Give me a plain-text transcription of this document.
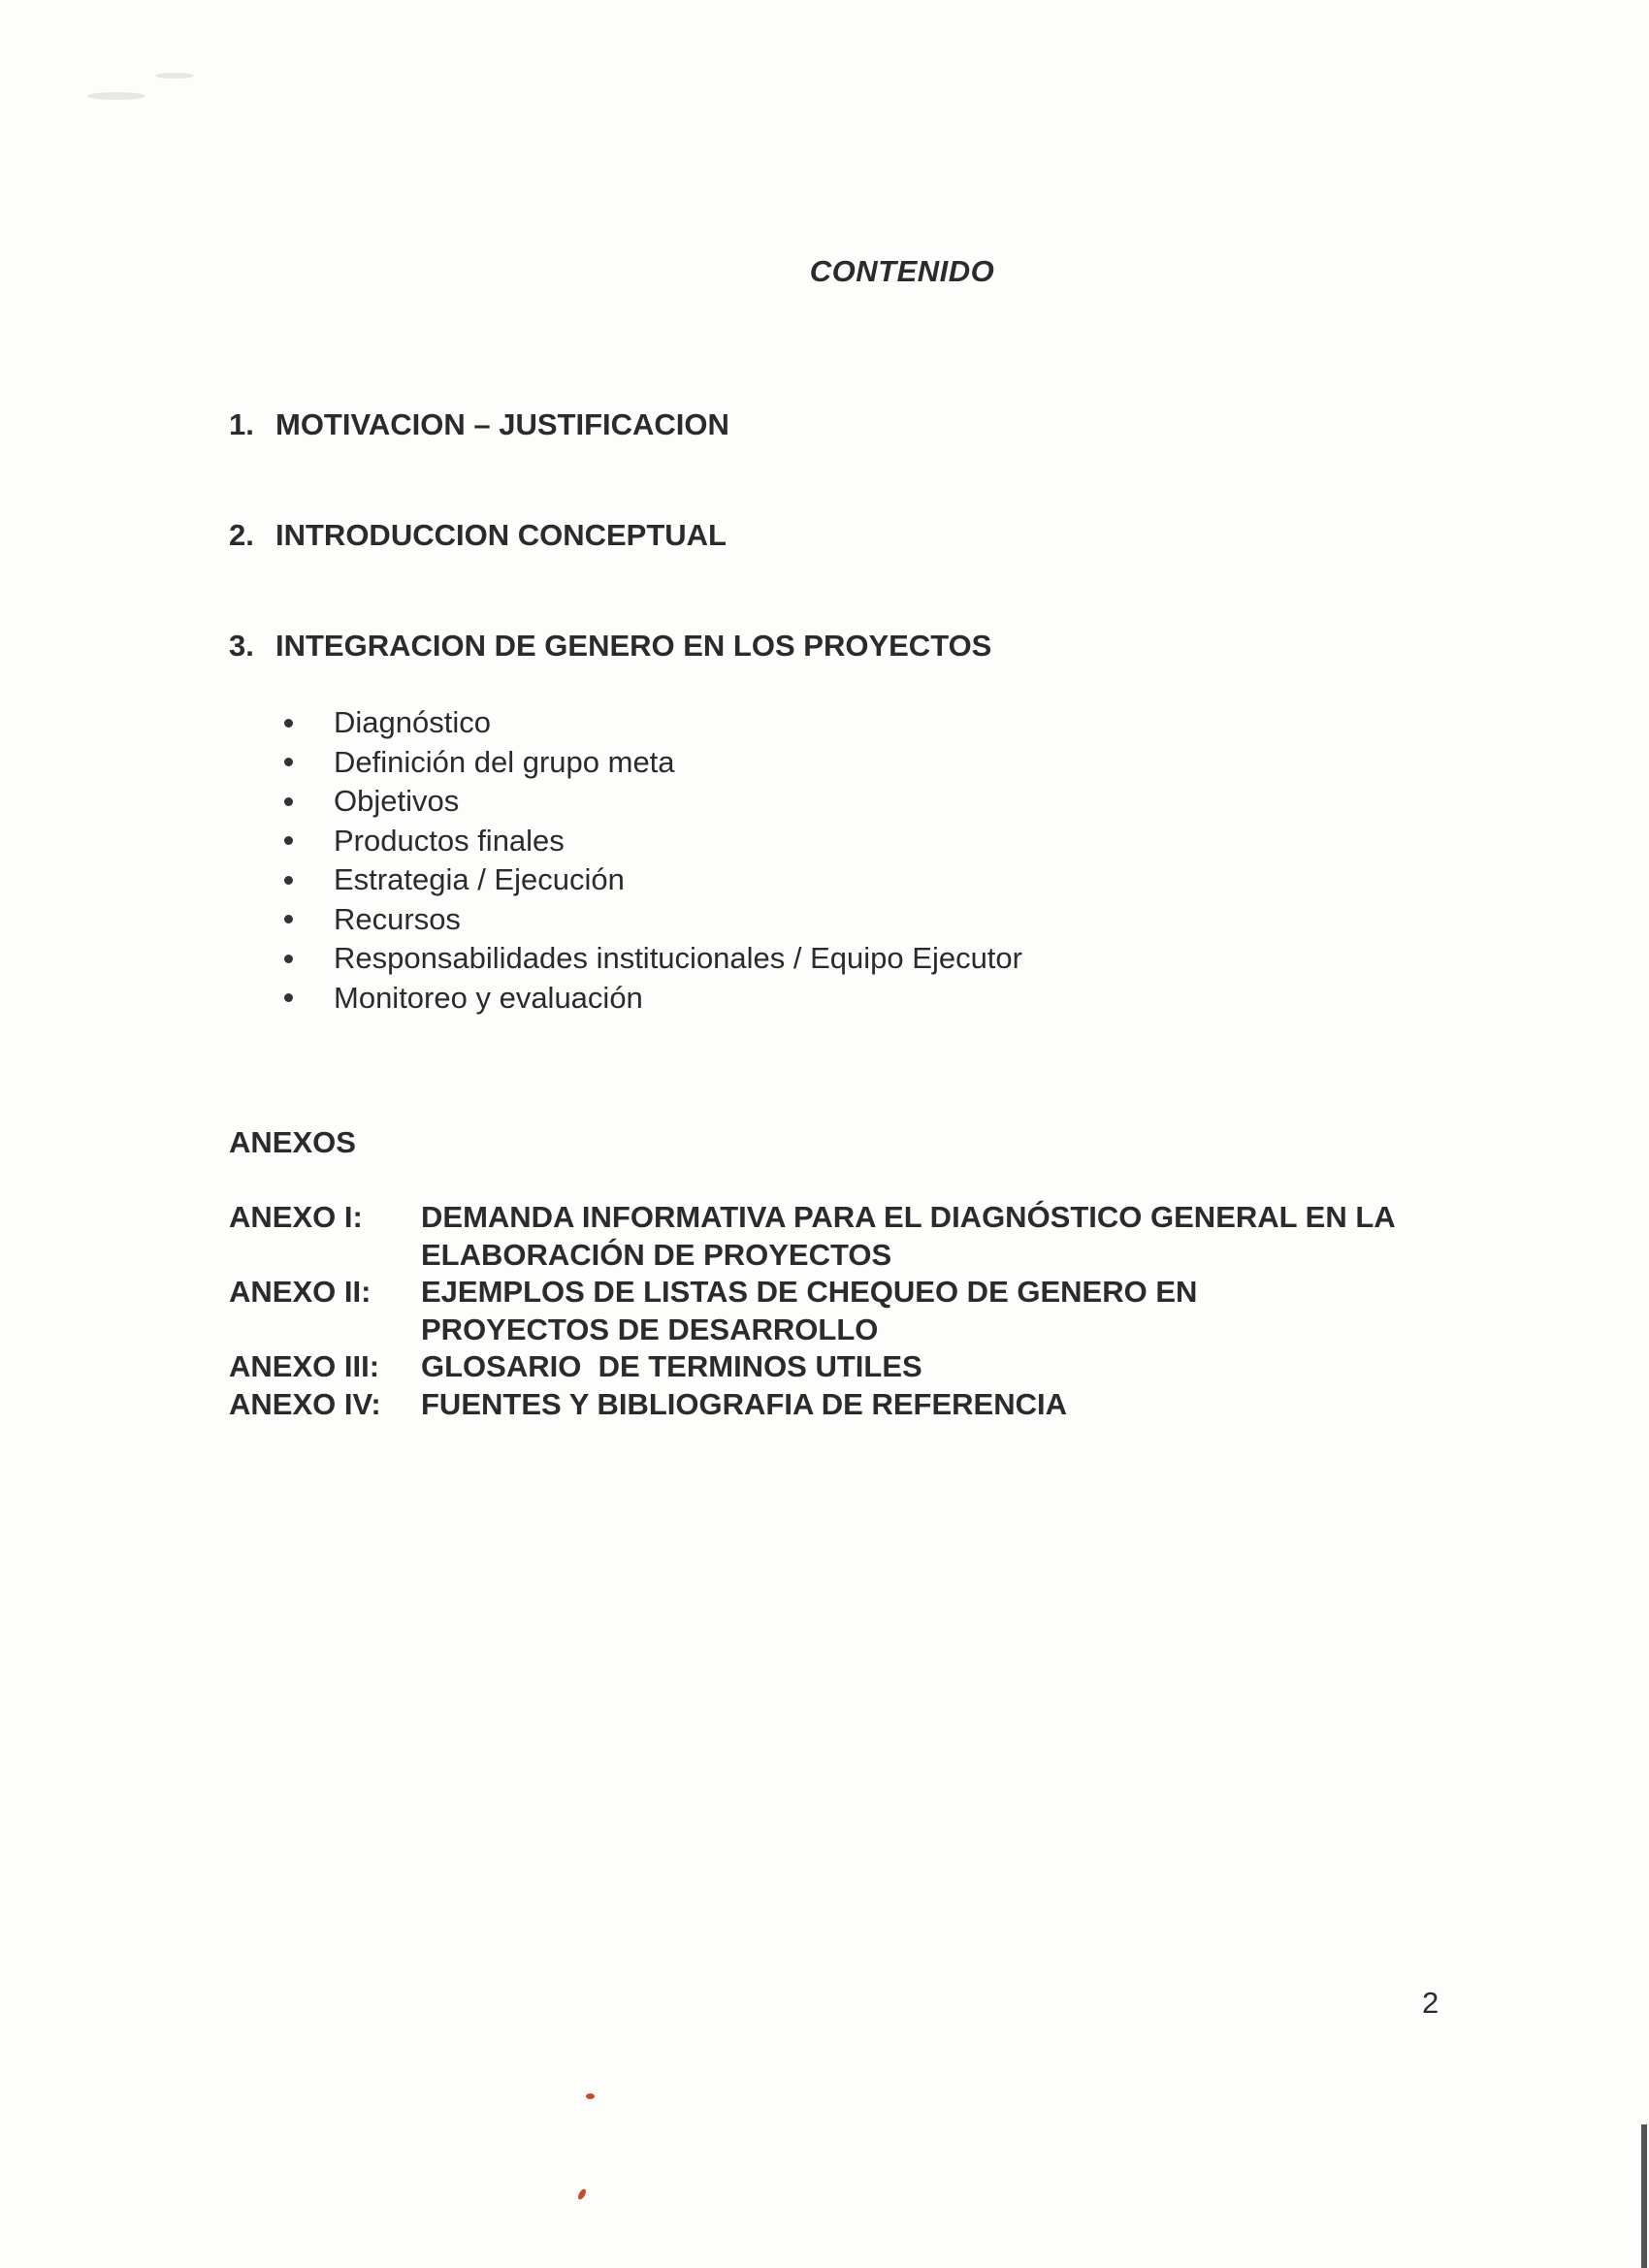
CONTENIDO
1. MOTIVACION – JUSTIFICACION
2. INTRODUCCION CONCEPTUAL
3. INTEGRACION DE GENERO EN LOS PROYECTOS
Diagnóstico
Definición del grupo meta
Objetivos
Productos finales
Estrategia / Ejecución
Recursos
Responsabilidades institucionales / Equipo Ejecutor
Monitoreo y evaluación
ANEXOS
ANEXO I:	DEMANDA INFORMATIVA PARA EL DIAGNÓSTICO GENERAL EN LA ELABORACIÓN DE PROYECTOS
ANEXO II:	EJEMPLOS DE LISTAS DE CHEQUEO DE GENERO EN PROYECTOS DE DESARROLLO
ANEXO III:	GLOSARIO  DE TERMINOS UTILES
ANEXO IV:	FUENTES Y BIBLIOGRAFIA DE REFERENCIA
2
